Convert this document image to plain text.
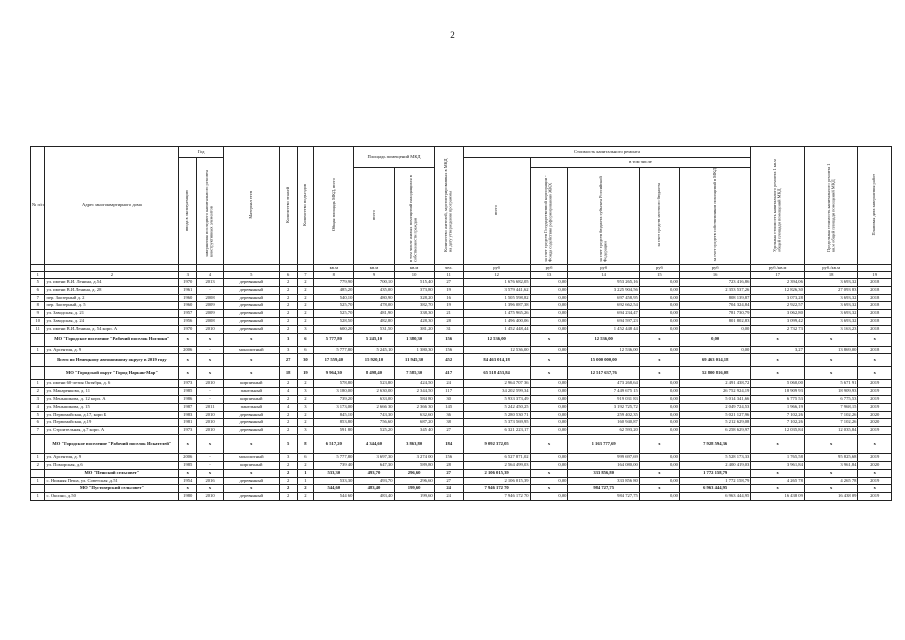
2
№ п/п	Адрес многоквартирного дома	Год		Материал стен	Количество этажей	Количество подъездов	Общая площадь МКД, всего	Площадь помещений МКД		Количество жителей, зарегистрированных в МКД на дату утверждения программы	Стоимость капитального ремонта					Удельная стоимость капитального ремонта 1 кв.м общей площади помещений МКД	Предельная стоимость капитального ремонта 1 кв.м общей площади помещений МКД	Плановая дата завершения работ
		ввода в эксплуатацию	завершения последнего капитального ремонта конструктивных элементов								всего	в том числе						
								всего	в том числе жилых помещений находящихся в собственности граждан			за счет средств Государственной корпорации - Фонда содействия реформированию ЖКХ	за счет средств бюджета субъекта Российской Федерации	за счет средств местного бюджета	за счет средств собственников помещений в МКД			
							кв.м	кв.м	кв.м	чел.	руб	руб	руб	руб	руб	руб./кв.м	руб./кв.м	
1	2	3	4	5	6	7	8	9	10	11	12	13	14	15	16	17	18	19
5	ул. имени В.И. Ленина, д.54	1970	2013	деревянный	2	2	779,90	700,10	515,40	27	1 676 682,05	0,00	953 265,16	0,00	723 416,86	2 394,06	3 693,32	2018
6	ул. имени В.И.Ленина, д. 28	1961	-	деревянный	2	2	485,20	435,00	373,80	19	3 579 441,62	0,00	3 225 904,56	0,00	2 353 537,26	12 826,30	27 093 83	2018
7	пер. Заозерный д. 2	1960	2008	деревянный	2	2	540,10	480,90	328,20	16	1 505 598,82	0,00	697 458,95	0,00	808 139,87	3 073,28	3 693,32	2018
8	пер. Заозерный, д. 5	1960	2009	деревянный	2	2	525,70	478,00	382,70	19	1 396 087,38	0,00	692 662,54	0,00	704 324,84	2 922,57	3 693,32	2018
9	ул. Заводская, д. 21	1957	2009	деревянный	2	2	525,70	481,90	338,30	21	1 475 965,26	0,00	694 234,47	0,00	781 730,79	3 062,80	3 693,32	2018
10	ул. Заводская, д. 24	1956	2008	деревянный	2	2	528,50	482,80	428,30	28	1 496 400,06	0,00	694 597,23	0,00	801 802,83	3 099,42	3 693,32	2018
11	ул. имени В.И.Ленина, д. 54 корп. А	1970	2010	деревянный	2	3	600,20	531,50	381,20	31	1 452 448,44	0,00	1 452 448 44	0,00	0,00	2 732 73	3 163,23	2018
	МО "Городское поселение "Рабочий поселок Ноглики"	x	x	x	3	6	5 777,80	5 245,10	1 380,30	156	12 536,00	x	12 536,00	x	0,00	x	x	x
1	ул. Арсентия, д. 9	2006	-	монолитный	3	6	5 777,80	5 245,10	1 380,30	156	12 536,00	0,00	12 536,00	0,00	0,00	3,27	13 869,00	2018
	Всего по Ненецкому автономному округу в 2019 году	x	x	x	27	30	17 559,40	15 920,10	11 945,30	452	84 463 014,18	x	15 000 000,00	x	69 463 014,18	x	x	x
	МО "Городской округ "Город Нарьян-Мар"	x	x	x	18	19	9 964,30	8 498,40	7 585,30	417	65 518 453,84	x	12 517 637,76	x	52 800 816,08	x	x	x
1	ул. имени 60-летия Октября, д. 6	1973	2010	кирпичный	2	2	578,80	523,80	424,50	24	2 964 707 36	0,00	473 268,64	0,00	2 491 438,72	5 060,00	5 671 91	2019
2	ул. Макаренкова, д. 11	1985	-	панельный	4	3	3 180,00	2 630,00	2 344,50	117	34 202 599,34	0,00	7 449 675 15	0,00	26 752 924,19	18 909 93	18 909,93	2019
3	ул. Меньшикова, д. 12 корп. А	1986	-	кирпичный	2	2	739,20	633,00	584 80	30	5 933 373,49	0,00	919 031 83	0,00	5 014 341,66	6 775 53	6 775,53	2019
4	ул. Меньшикова, д. 15	1987	2011	панельный	4	3	3 173,00	2 666 30	2 366 30	145	5 242 450,25	0,00	3 192 725,72	0,00	2 049 724,53	1 966,19	7 968,15	2019
5	ул. Первомайская, д.17, корп Б	1983	2010	деревянный	2	2	845,10	743,30	632,60	36	5 280 530 71	0,00	259 402,35	0,00	5 021 127,96	7 102,26	7 102,26	2020
6	ул. Первомайская, д.19	1981	2010	деревянный	2	2	853,80	756,60	687,20	38	5 373 569,95	0,00	160 940,87	0,00	5 212 629,08	7 102,26	7 102,26	2020
7	ул. Строительная, д.7 корп. А	1973	2010	деревянный	2	3	591 80	525,20	345 40	27	6 321 223,17	0,00	62 593,20	0,00	6 258 629,97	12 035,84	12 035,84	2019
	МО "Городское поселение "Рабочий поселок Искателей"	x	x	x	5	8	6 517,20	4 344,60	3 863,80	184	9 092 372,05	x	1 163 777,69	x	7 928 594,36	x	x	x
1	ул. Арсентия, д. 9	2006	-	монолитный	3	6	5 777,80	3 697,30	3 274 00	156	6 527 871,02	0,00	999 697,69	0,00	5 528 173,33	1 765,58	95 825,68	2019
2	ул. Поморская, д.6	1985	-	кирпичный	2	2	739 40	647,30	589,80	28	2 564 499,03	0,00	164 080,00	0,00	2 400 419,03	3 961,84	3 961,84	2020
	МО "Пешский сельсовет"	x	x	x	2	1	533,30	493,70	296,60	27	2 106 015,39	x	333 856,80	x	1 772 158,79	x	x	x
1	с. Нижняя Пеша, ул. Советская ,д.51	1954	2016	деревянный	2	1	533,30	493,70	296,60	27	2 106 015,39	0,00	333 856 80	0,00	1 772 158,79	4 265 78	4 265 78	2019
	МО "Пустозерский сельсовет"	x	x	x	2	2	544,60	483,40	199,60	24	7 946 172 70	x	984 727,75	x	6 963 444,95	x	x	x
1	с. Оксино, д.50	1980	2010	деревянный	2	2	544 60	483,40	199,60	24	7 946 172 70	0,00	984 727,75	0,00	6 963 444,95	16 438 09	16 438 09	2019
